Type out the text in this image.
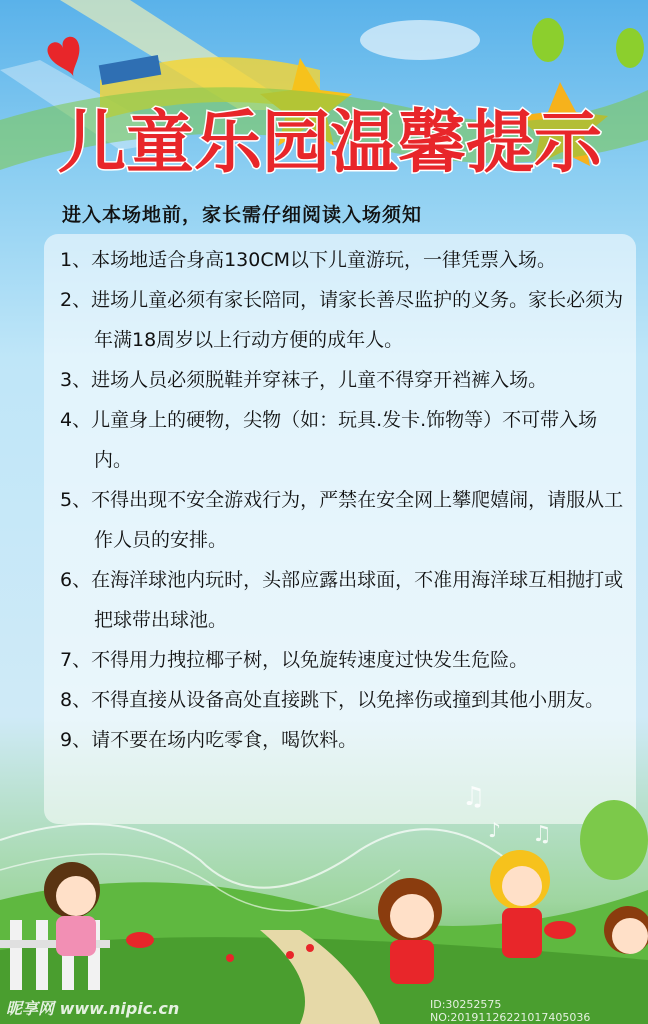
儿童乐园温馨提示
进入本场地前，家长需仔细阅读入场须知
1、本场地适合身高130CM以下儿童游玩，一律凭票入场。
2、进场儿童必须有家长陪同，请家长善尽监护的义务。家长必须为年满18周岁以上行动方便的成年人。
3、进场人员必须脱鞋并穿袜子，儿童不得穿开裆裤入场。
4、儿童身上的硬物，尖物（如：玩具.发卡.饰物等）不可带入场内。
5、不得出现不安全游戏行为，严禁在安全网上攀爬嬉闹，请服从工作人员的安排。
6、在海洋球池内玩时，头部应露出球面，不准用海洋球互相抛打或把球带出球池。
7、不得用力拽拉椰子树，以免旋转速度过快发生危险。
8、不得直接从设备高处直接跳下，以免摔伤或撞到其他小朋友。
9、请不要在场内吃零食，喝饮料。
♫
♪ ♫
昵享网 www.nipic.cn	ID:30252575 NO:20191126221017405036
